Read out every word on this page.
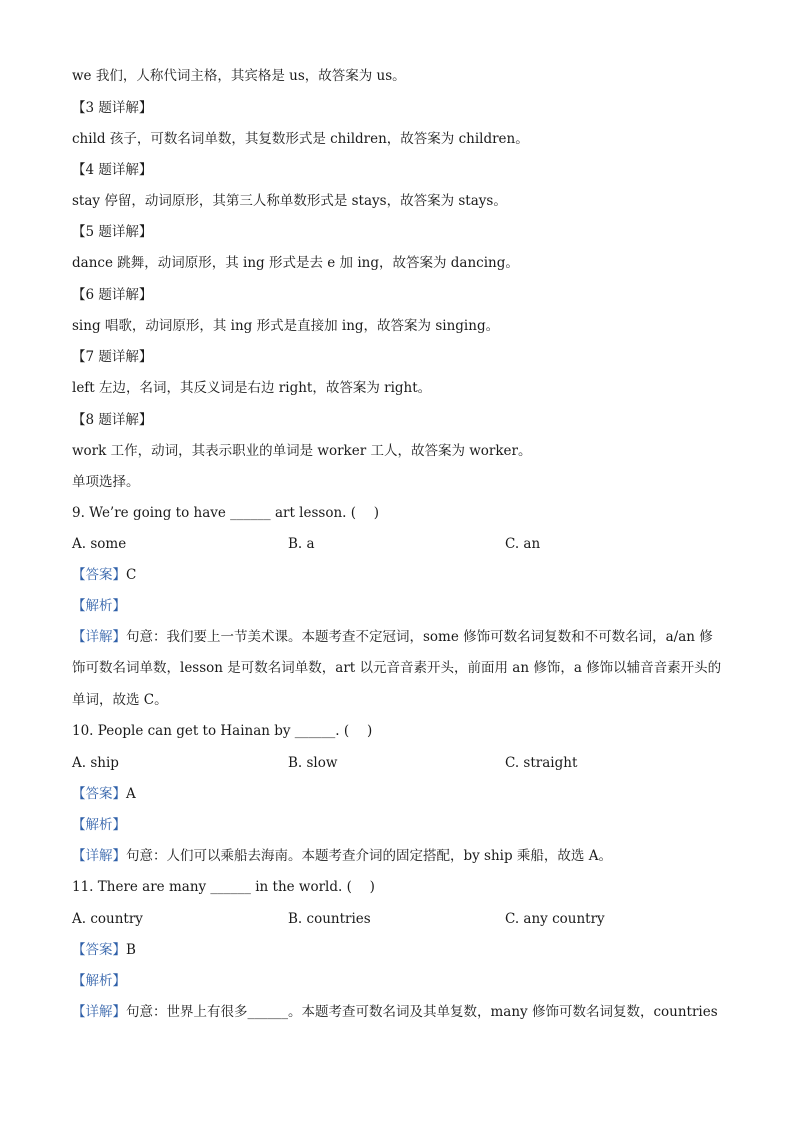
we 我们，人称代词主格，其宾格是 us，故答案为 us。
【3 题详解】
child 孩子，可数名词单数，其复数形式是 children，故答案为 children。
【4 题详解】
stay 停留，动词原形，其第三人称单数形式是 stays，故答案为 stays。
【5 题详解】
dance 跳舞，动词原形，其 ing 形式是去 e 加 ing，故答案为 dancing。
【6 题详解】
sing 唱歌，动词原形，其 ing 形式是直接加 ing，故答案为 singing。
【7 题详解】
left 左边，名词，其反义词是右边 right，故答案为 right。
【8 题详解】
work 工作，动词，其表示职业的单词是 worker 工人，故答案为 worker。
单项选择。
9. We’re going to have ______ art lesson. (　 )
A. some	B. a	C. an
【答案】C
【解析】
【详解】句意：我们要上一节美术课。本题考查不定冠词，some 修饰可数名词复数和不可数名词，a/an 修
饰可数名词单数，lesson 是可数名词单数，art 以元音音素开头，前面用 an 修饰，a 修饰以辅音音素开头的
单词，故选 C。
10. People can get to Hainan by ______. (　 )
A. ship	B. slow	C. straight
【答案】A
【解析】
【详解】句意：人们可以乘船去海南。本题考查介词的固定搭配，by ship 乘船，故选 A。
11. There are many ______ in the world. (　 )
A. country	B. countries	C. any country
【答案】B
【解析】
【详解】句意：世界上有很多______。本题考查可数名词及其单复数，many 修饰可数名词复数，countries
